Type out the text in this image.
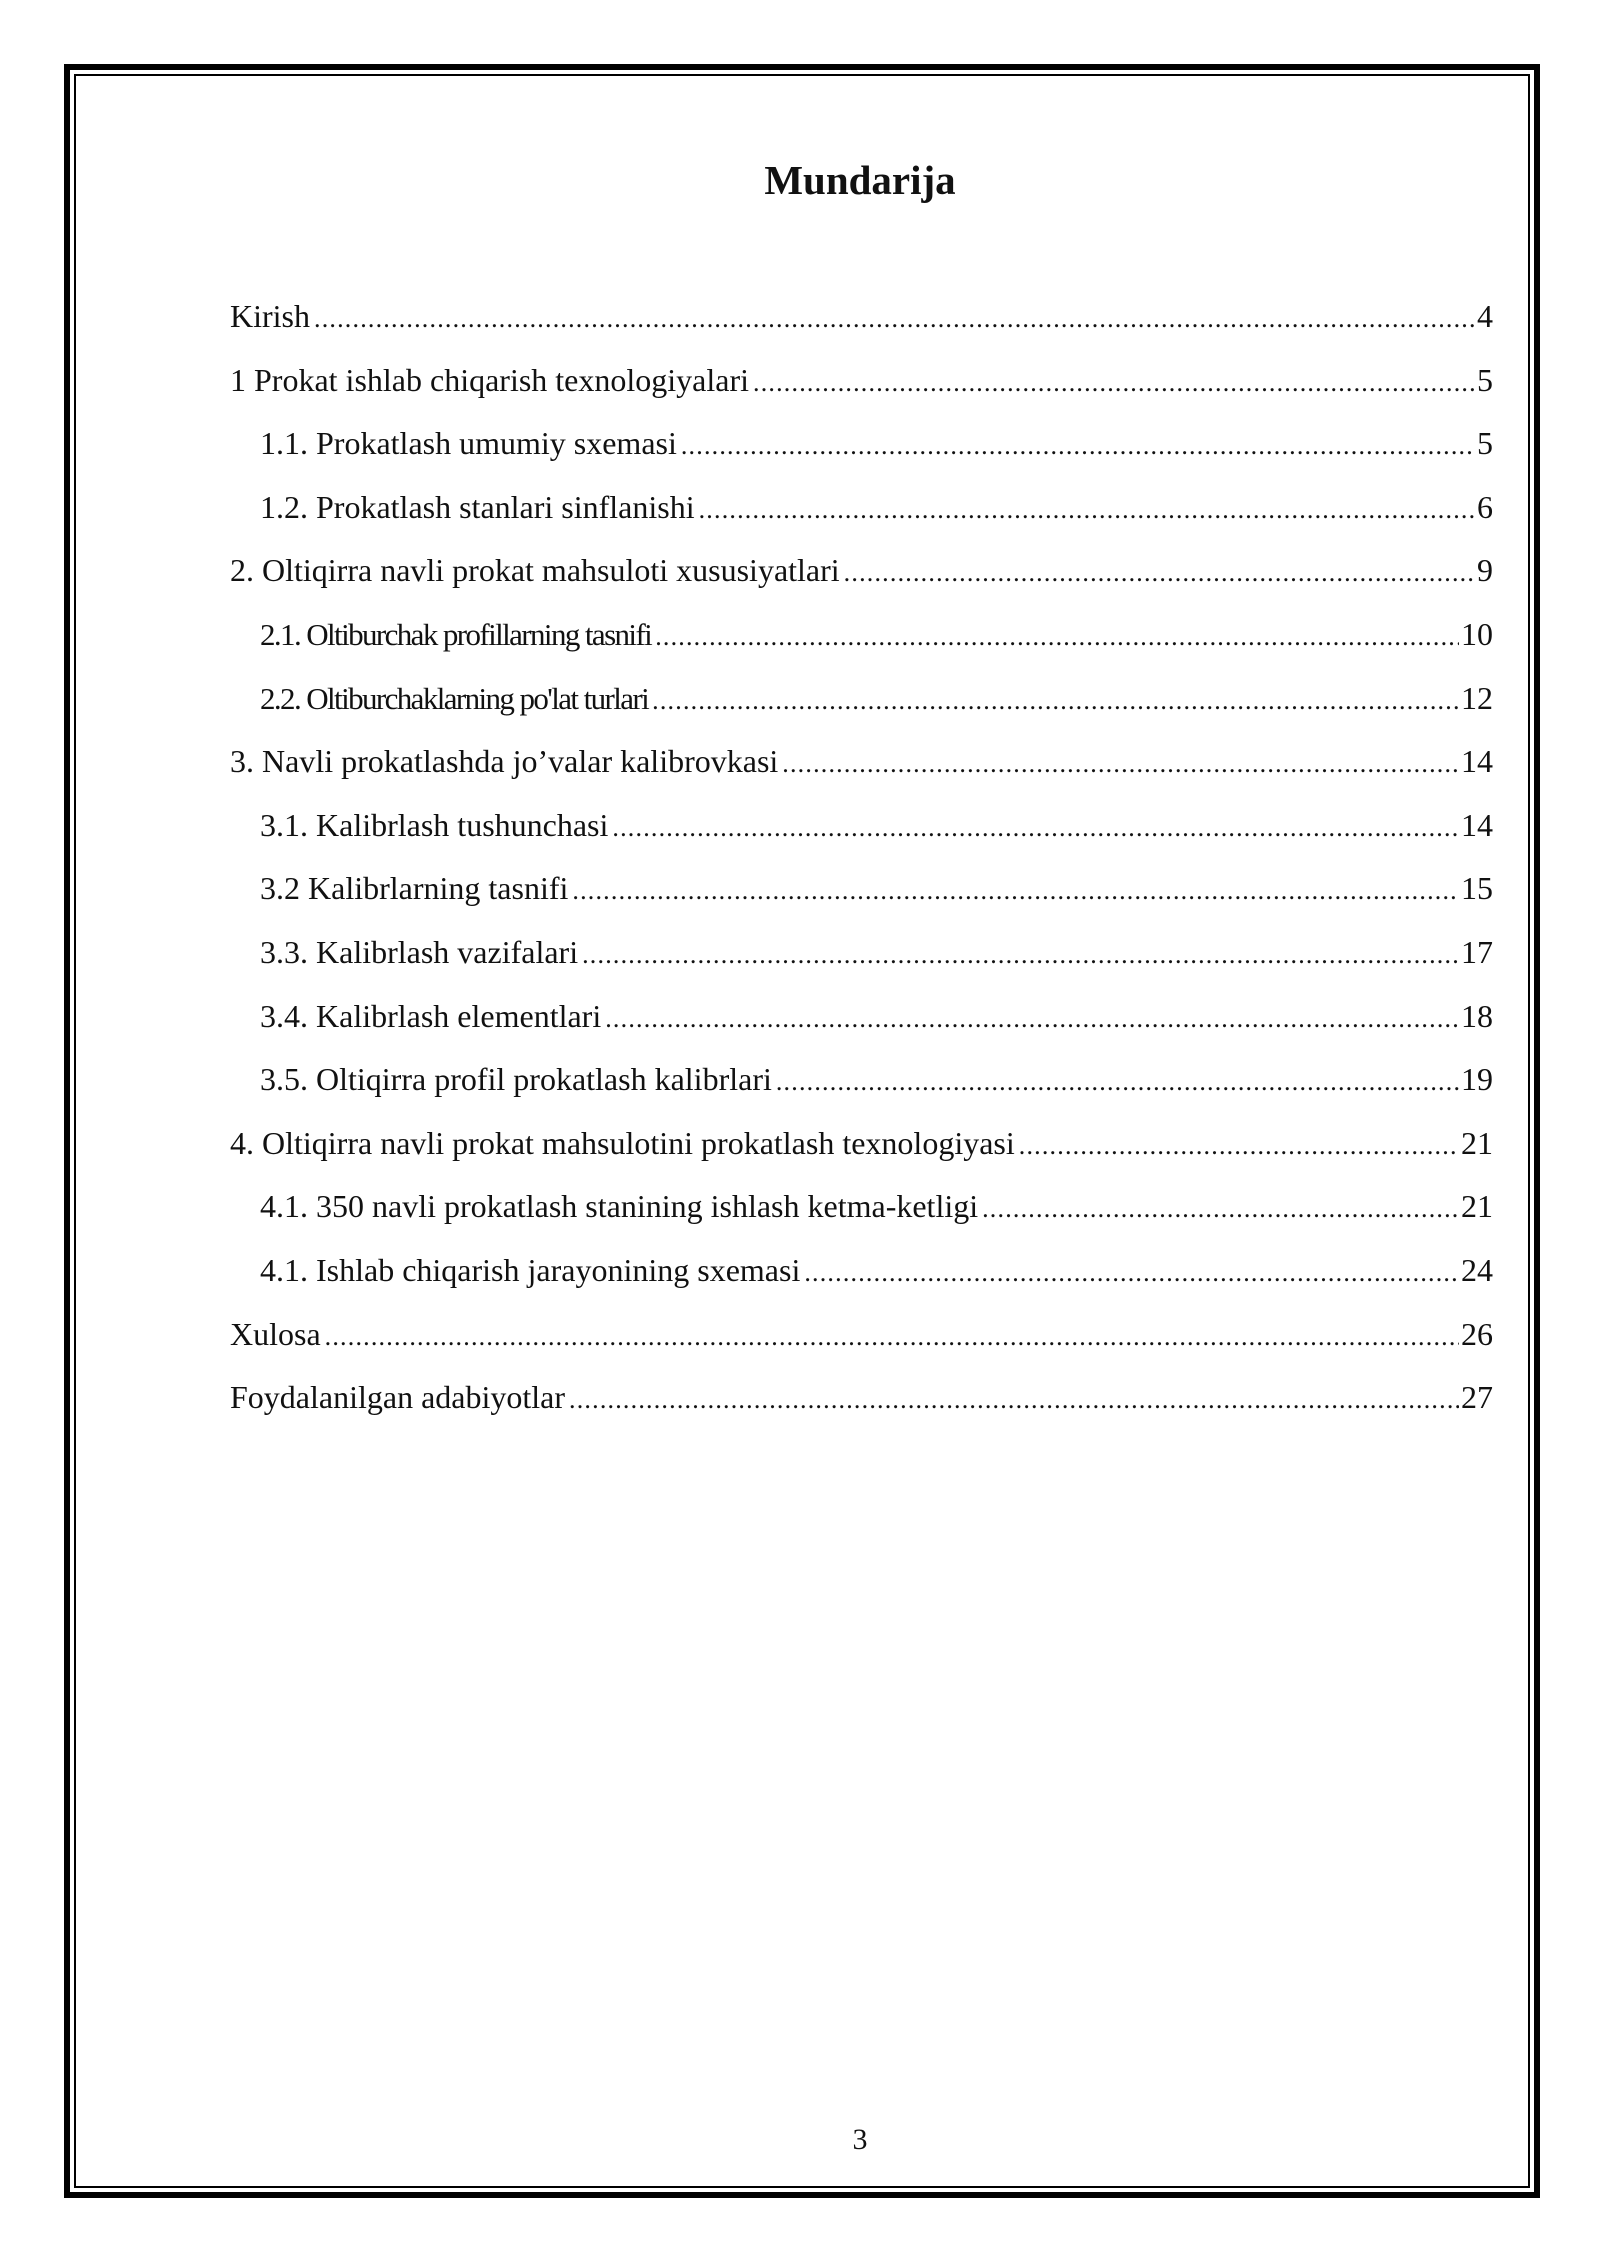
Mundarija
Kirish .....	4
1 Prokat ishlab chiqarish texnologiyalari .....	5
1.1. Prokatlash umumiy sxemasi .....	5
1.2. Prokatlash stanlari sinflanishi .....	6
2. Oltiqirra navli prokat mahsuloti xususiyatlari .....	9
2.1. Oltiburchak profillarning tasnifi .....	10
2.2. Oltiburchaklarning po'lat turlari .....	12
3. Navli prokatlashda jo’valar kalibrovkasi .....	14
3.1. Kalibrlash tushunchasi .....	14
3.2 Kalibrlarning tasnifi .....	15
3.3. Kalibrlash vazifalari .....	17
3.4. Kalibrlash elementlari .....	18
3.5. Oltiqirra profil prokatlash kalibrlari .....	19
4. Oltiqirra navli prokat mahsulotini prokatlash texnologiyasi .....	21
4.1. 350 navli prokatlash stanining ishlash ketma-ketligi .....	21
4.1. Ishlab chiqarish jarayonining sxemasi .....	24
Xulosa .....	26
Foydalanilgan adabiyotlar .....	27
3
